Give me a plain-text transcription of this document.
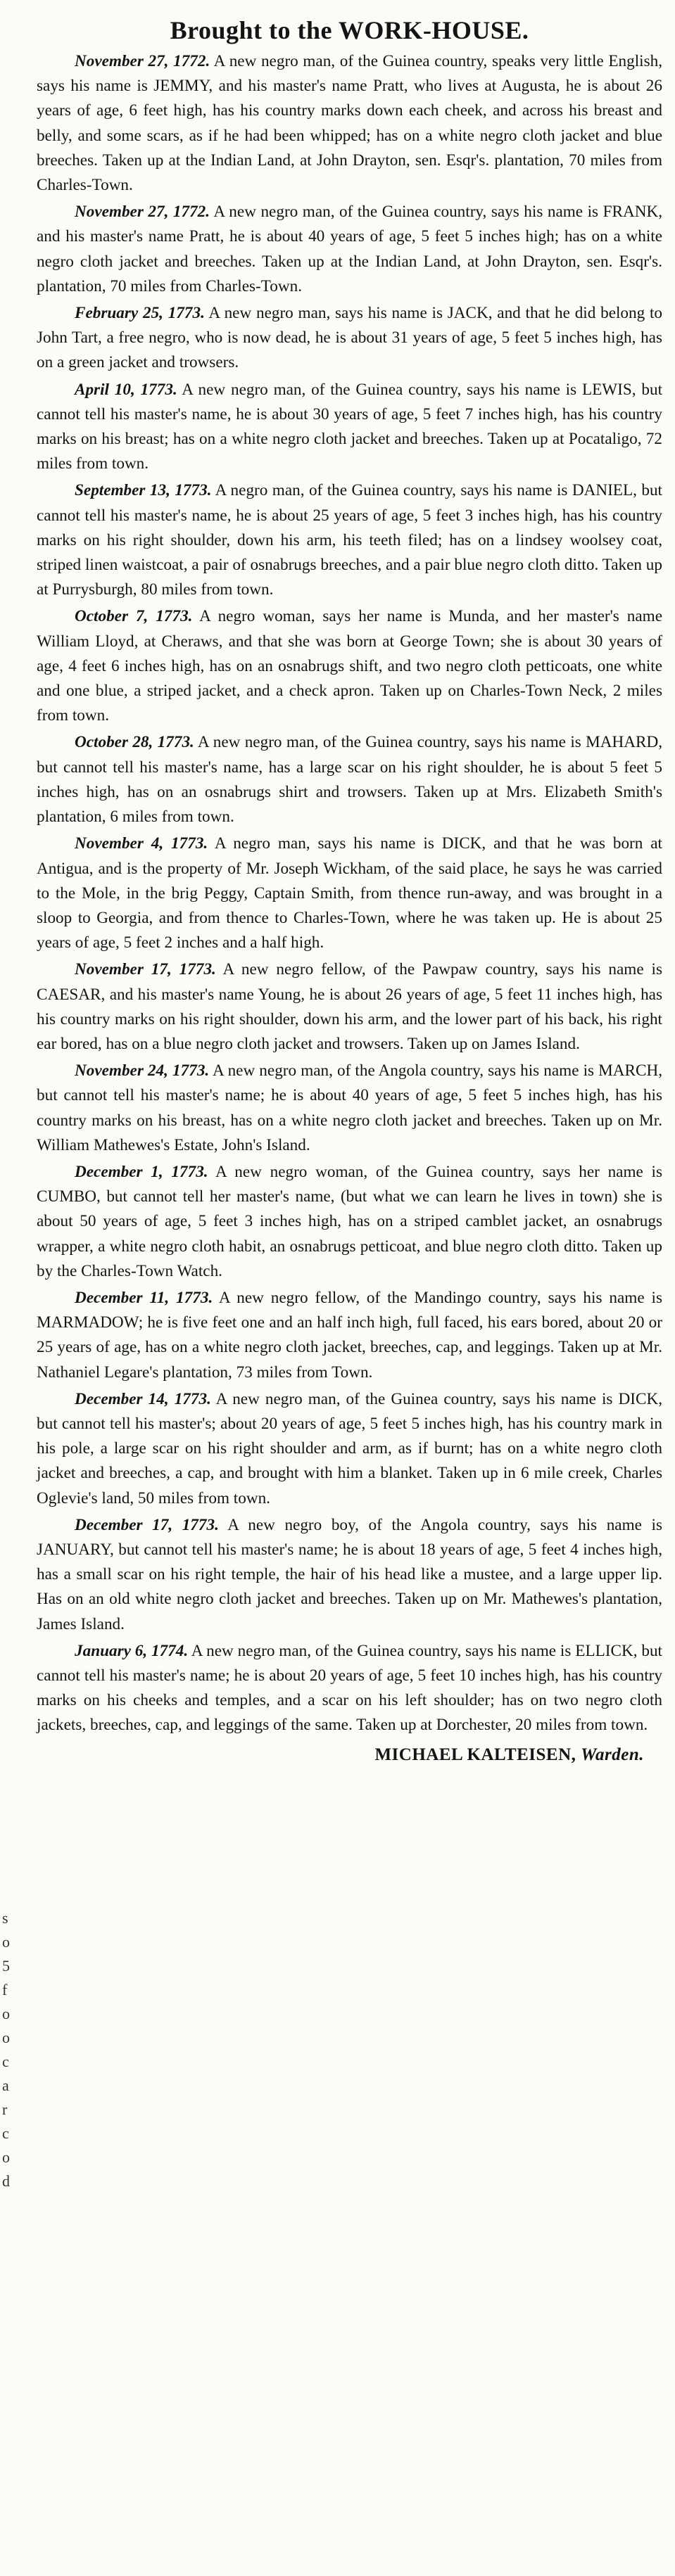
s
o
5
f
o
o
c
a
r
c
o
d
Brought to the WORK-HOUSE.

November 27, 1772. A new negro man, of the Guinea country, speaks very little English, says his name is JEMMY, and his master's name Pratt, who lives at Augusta, he is about 26 years of age, 6 feet high, has his country marks down each cheek, and across his breast and belly, and some scars, as if he had been whipped; has on a white negro cloth jacket and blue breeches. Taken up at the Indian Land, at John Drayton, sen. Esqr's. plantation, 70 miles from Charles-Town.

November 27, 1772. A new negro man, of the Guinea country, says his name is FRANK, and his master's name Pratt, he is about 40 years of age, 5 feet 5 inches high; has on a white negro cloth jacket and breeches. Taken up at the Indian Land, at John Drayton, sen. Esqr's. plantation, 70 miles from Charles-Town.

February 25, 1773. A new negro man, says his name is JACK, and that he did belong to John Tart, a free negro, who is now dead, he is about 31 years of age, 5 feet 5 inches high, has on a green jacket and trowsers.

April 10, 1773. A new negro man, of the Guinea country, says his name is LEWIS, but cannot tell his master's name, he is about 30 years of age, 5 feet 7 inches high, has his country marks on his breast; has on a white negro cloth jacket and breeches. Taken up at Pocataligo, 72 miles from town.

September 13, 1773. A negro man, of the Guinea country, says his name is DANIEL, but cannot tell his master's name, he is about 25 years of age, 5 feet 3 inches high, has his country marks on his right shoulder, down his arm, his teeth filed; has on a lindsey woolsey coat, striped linen waistcoat, a pair of osnabrugs breeches, and a pair blue negro cloth ditto. Taken up at Purrysburgh, 80 miles from town.

October 7, 1773. A negro woman, says her name is Munda, and her master's name William Lloyd, at Cheraws, and that she was born at George Town; she is about 30 years of age, 4 feet 6 inches high, has on an osnabrugs shift, and two negro cloth petticoats, one white and one blue, a striped jacket, and a check apron. Taken up on Charles-Town Neck, 2 miles from town.

October 28, 1773. A new negro man, of the Guinea country, says his name is MAHARD, but cannot tell his master's name, has a large scar on his right shoulder, he is about 5 feet 5 inches high, has on an osnabrugs shirt and trowsers. Taken up at Mrs. Elizabeth Smith's plantation, 6 miles from town.

November 4, 1773. A negro man, says his name is DICK, and that he was born at Antigua, and is the property of Mr. Joseph Wickham, of the said place, he says he was carried to the Mole, in the brig Peggy, Captain Smith, from thence run-away, and was brought in a sloop to Georgia, and from thence to Charles-Town, where he was taken up. He is about 25 years of age, 5 feet 2 inches and a half high.

November 17, 1773. A new negro fellow, of the Pawpaw country, says his name is CAESAR, and his master's name Young, he is about 26 years of age, 5 feet 11 inches high, has his country marks on his right shoulder, down his arm, and the lower part of his back, his right ear bored, has on a blue negro cloth jacket and trowsers. Taken up on James Island.

November 24, 1773. A new negro man, of the Angola country, says his name is MARCH, but cannot tell his master's name; he is about 40 years of age, 5 feet 5 inches high, has his country marks on his breast, has on a white negro cloth jacket and breeches. Taken up on Mr. William Mathewes's Estate, John's Island.

December 1, 1773. A new negro woman, of the Guinea country, says her name is CUMBO, but cannot tell her master's name, (but what we can learn he lives in town) she is about 50 years of age, 5 feet 3 inches high, has on a striped camblet jacket, an osnabrugs wrapper, a white negro cloth habit, an osnabrugs petticoat, and blue negro cloth ditto. Taken up by the Charles-Town Watch.

December 11, 1773. A new negro fellow, of the Mandingo country, says his name is MARMADOW; he is five feet one and an half inch high, full faced, his ears bored, about 20 or 25 years of age, has on a white negro cloth jacket, breeches, cap, and leggings. Taken up at Mr. Nathaniel Legare's plantation, 73 miles from Town.

December 14, 1773. A new negro man, of the Guinea country, says his name is DICK, but cannot tell his master's; about 20 years of age, 5 feet 5 inches high, has his country mark in his pole, a large scar on his right shoulder and arm, as if burnt; has on a white negro cloth jacket and breeches, a cap, and brought with him a blanket. Taken up in 6 mile creek, Charles Oglevie's land, 50 miles from town.

December 17, 1773. A new negro boy, of the Angola country, says his name is JANUARY, but cannot tell his master's name; he is about 18 years of age, 5 feet 4 inches high, has a small scar on his right temple, the hair of his head like a mustee, and a large upper lip. Has on an old white negro cloth jacket and breeches. Taken up on Mr. Mathewes's plantation, James Island.

January 6, 1774. A new negro man, of the Guinea country, says his name is ELLICK, but cannot tell his master's name; he is about 20 years of age, 5 feet 10 inches high, has his country marks on his cheeks and temples, and a scar on his left shoulder; has on two negro cloth jackets, breeches, cap, and leggings of the same. Taken up at Dorchester, 20 miles from town.

MICHAEL KALTEISEN, Warden.
